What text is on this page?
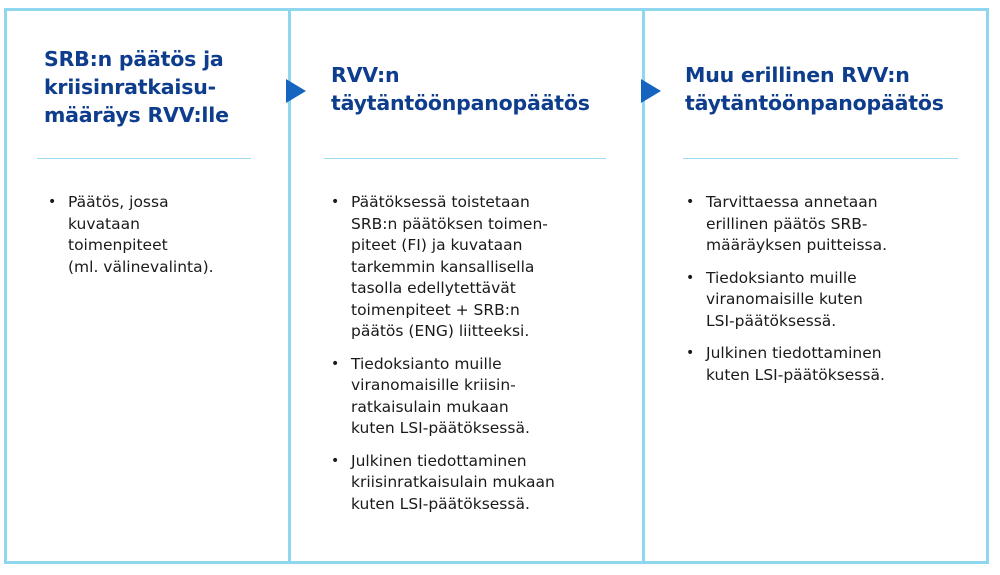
SRB:n päätös ja
kriisinratkaisu-
määräys RVV:lle
• Päätös, jossa
kuvataan
toimenpiteet
(ml. välinevalinta).
RVV:n
täytäntöönpanopäätös
• Päätöksessä toistetaan
SRB:n päätöksen toimen-
piteet (FI) ja kuvataan
tarkemmin kansallisella
tasolla edellytettävät
toimenpiteet + SRB:n
päätös (ENG) liitteeksi.
• Tiedoksianto muille
viranomaisille kriisin-
ratkaisulain mukaan
kuten LSI-päätöksessä.
• Julkinen tiedottaminen
kriisinratkaisulain mukaan
kuten LSI-päätöksessä.
Muu erillinen RVV:n
täytäntöönpanopäätös
• Tarvittaessa annetaan
erillinen päätös SRB-
määräyksen puitteissa.
• Tiedoksianto muille
viranomaisille kuten
LSI-päätöksessä.
• Julkinen tiedottaminen
kuten LSI-päätöksessä.
